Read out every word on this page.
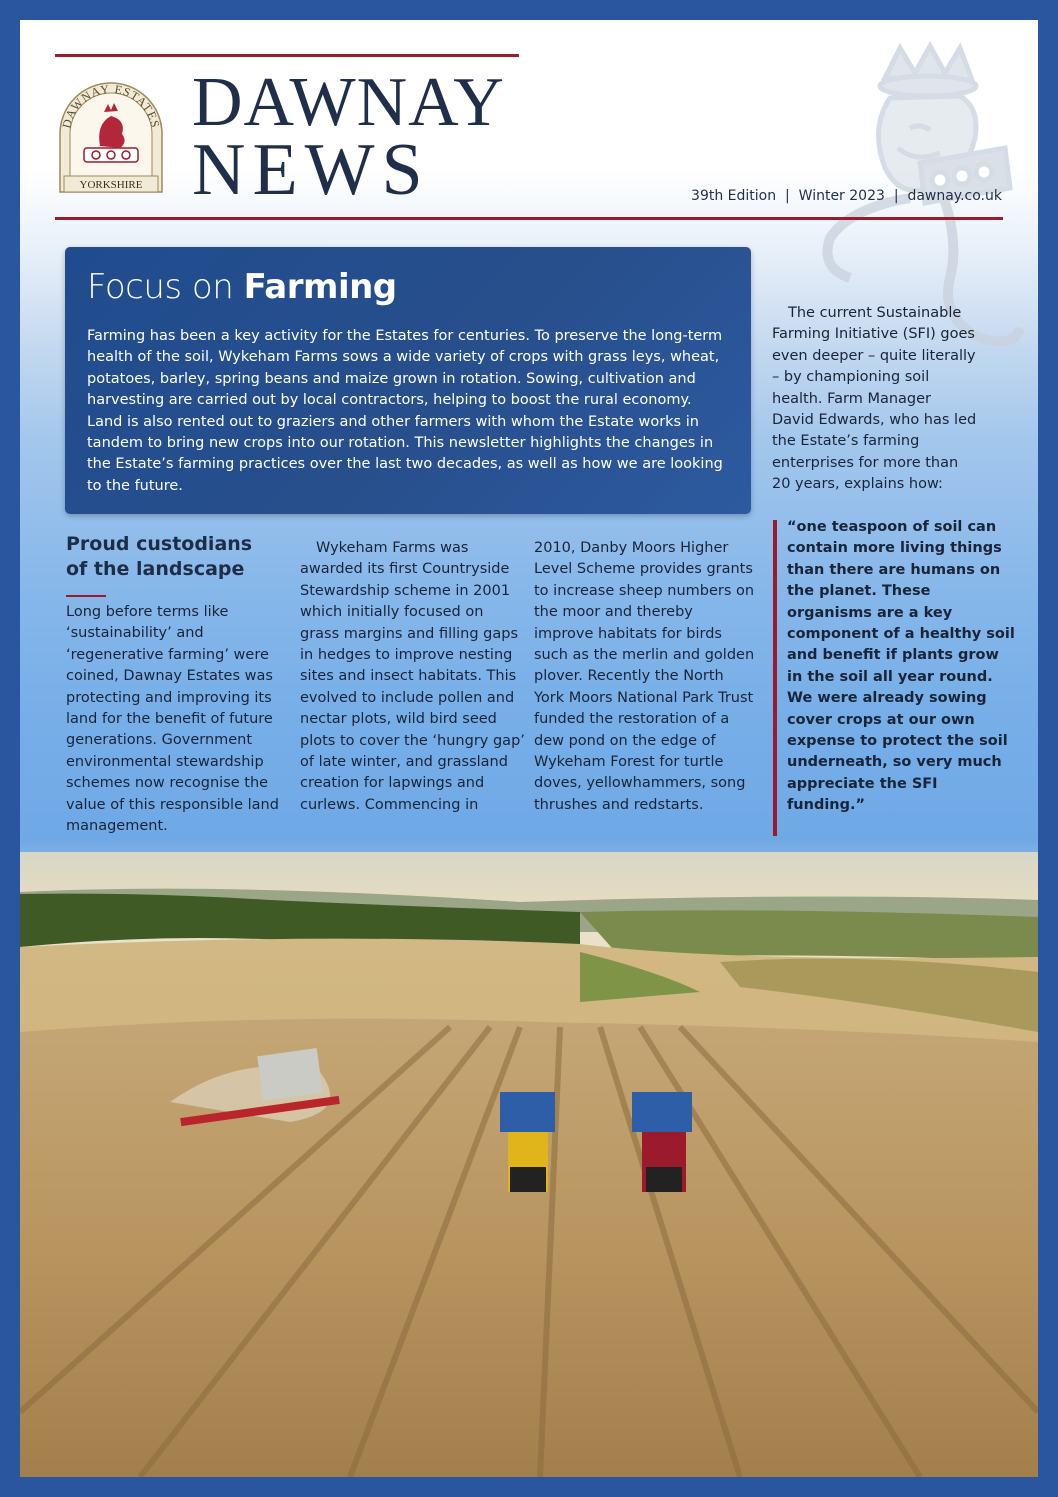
DAWNAY ESTATES
YORKSHIRE
DAWNAY
NEWS	39th Edition | Winter 2023 | dawnay.co.uk
Focus on Farming
Farming has been a key activity for the Estates for centuries. To preserve the long-term health of the soil, Wykeham Farms sows a wide variety of crops with grass leys, wheat, potatoes, barley, spring beans and maize grown in rotation. Sowing, cultivation and harvesting are carried out by local contractors, helping to boost the rural economy. Land is also rented out to graziers and other farmers with whom the Estate works in tandem to bring new crops into our rotation. This newsletter highlights the changes in the Estate’s farming practices over the last two decades, as well as how we are looking to the future.
Proud custodians of the landscape
Long before terms like ‘sustainability’ and ‘regenerative farming’ were coined, Dawnay Estates was protecting and improving its land for the benefit of future generations. Government environmental stewardship schemes now recognise the value of this responsible land management.
Wykeham Farms was awarded its first Countryside Stewardship scheme in 2001 which initially focused on grass margins and filling gaps in hedges to improve nesting sites and insect habitats. This evolved to include pollen and nectar plots, wild bird seed plots to cover the ‘hungry gap’ of late winter, and grassland creation for lapwings and curlews. Commencing in
2010, Danby Moors Higher Level Scheme provides grants to increase sheep numbers on the moor and thereby improve habitats for birds such as the merlin and golden plover. Recently the North York Moors National Park Trust funded the restoration of a dew pond on the edge of Wykeham Forest for turtle doves, yellowhammers, song thrushes and redstarts.
The current Sustainable Farming Initiative (SFI) goes even deeper – quite literally – by championing soil health. Farm Manager David Edwards, who has led the Estate’s farming enterprises for more than 20 years, explains how:
“one teaspoon of soil can contain more living things than there are humans on the planet. These organisms are a key component of a healthy soil and benefit if plants grow in the soil all year round. We were already sowing cover crops at our own expense to protect the soil underneath, so very much appreciate the SFI funding.”
